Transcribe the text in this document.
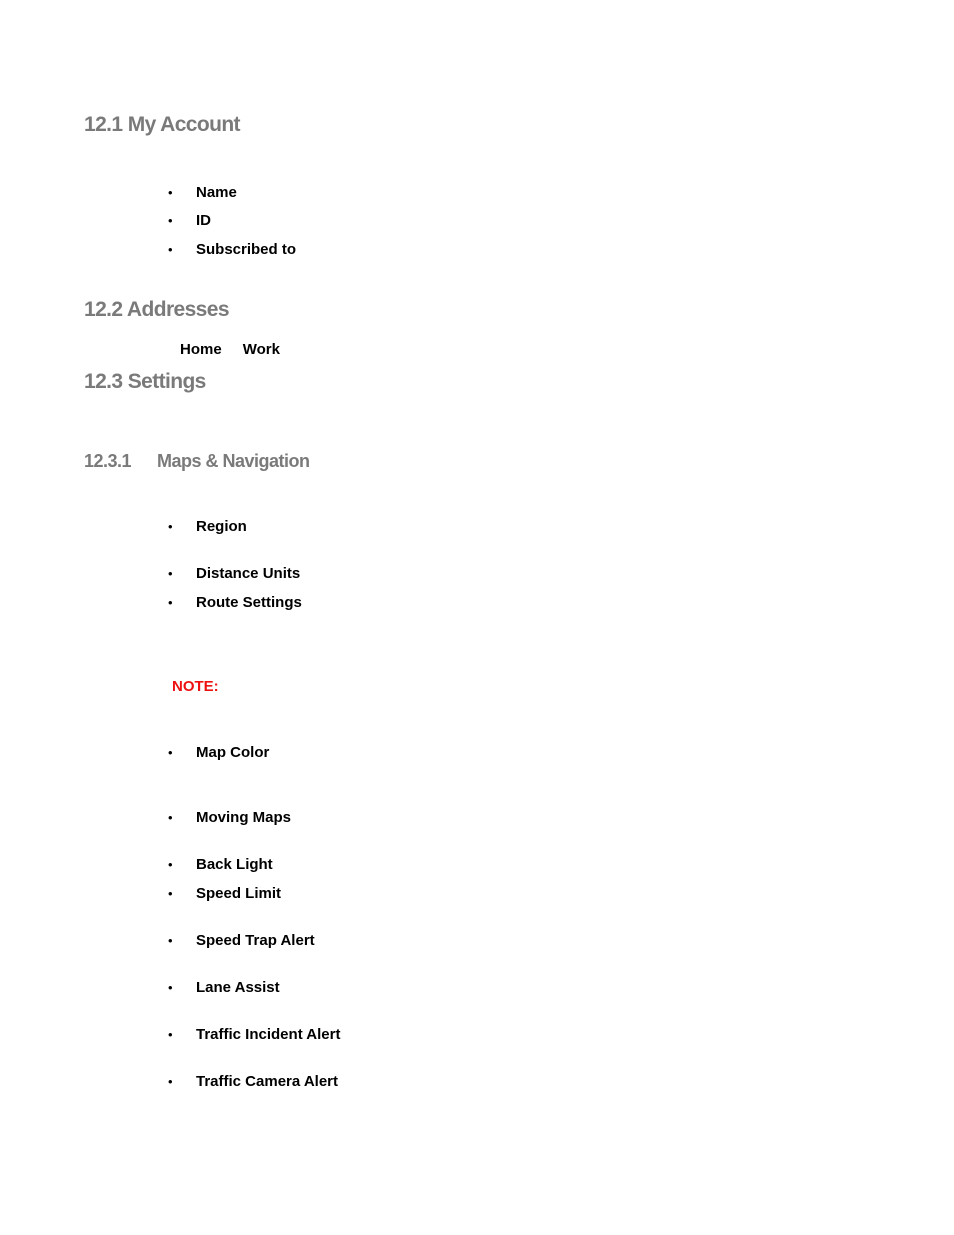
12.1 My Account
• Name
• ID
• Subscribed to
12.2 Addresses
Home Work
12.3 Settings
12.3.1 Maps & Navigation
• Region
• Distance Units
• Route Settings
NOTE:
• Map Color
• Moving Maps
• Back Light
• Speed Limit
• Speed Trap Alert
• Lane Assist
• Traffic Incident Alert
• Traffic Camera Alert
